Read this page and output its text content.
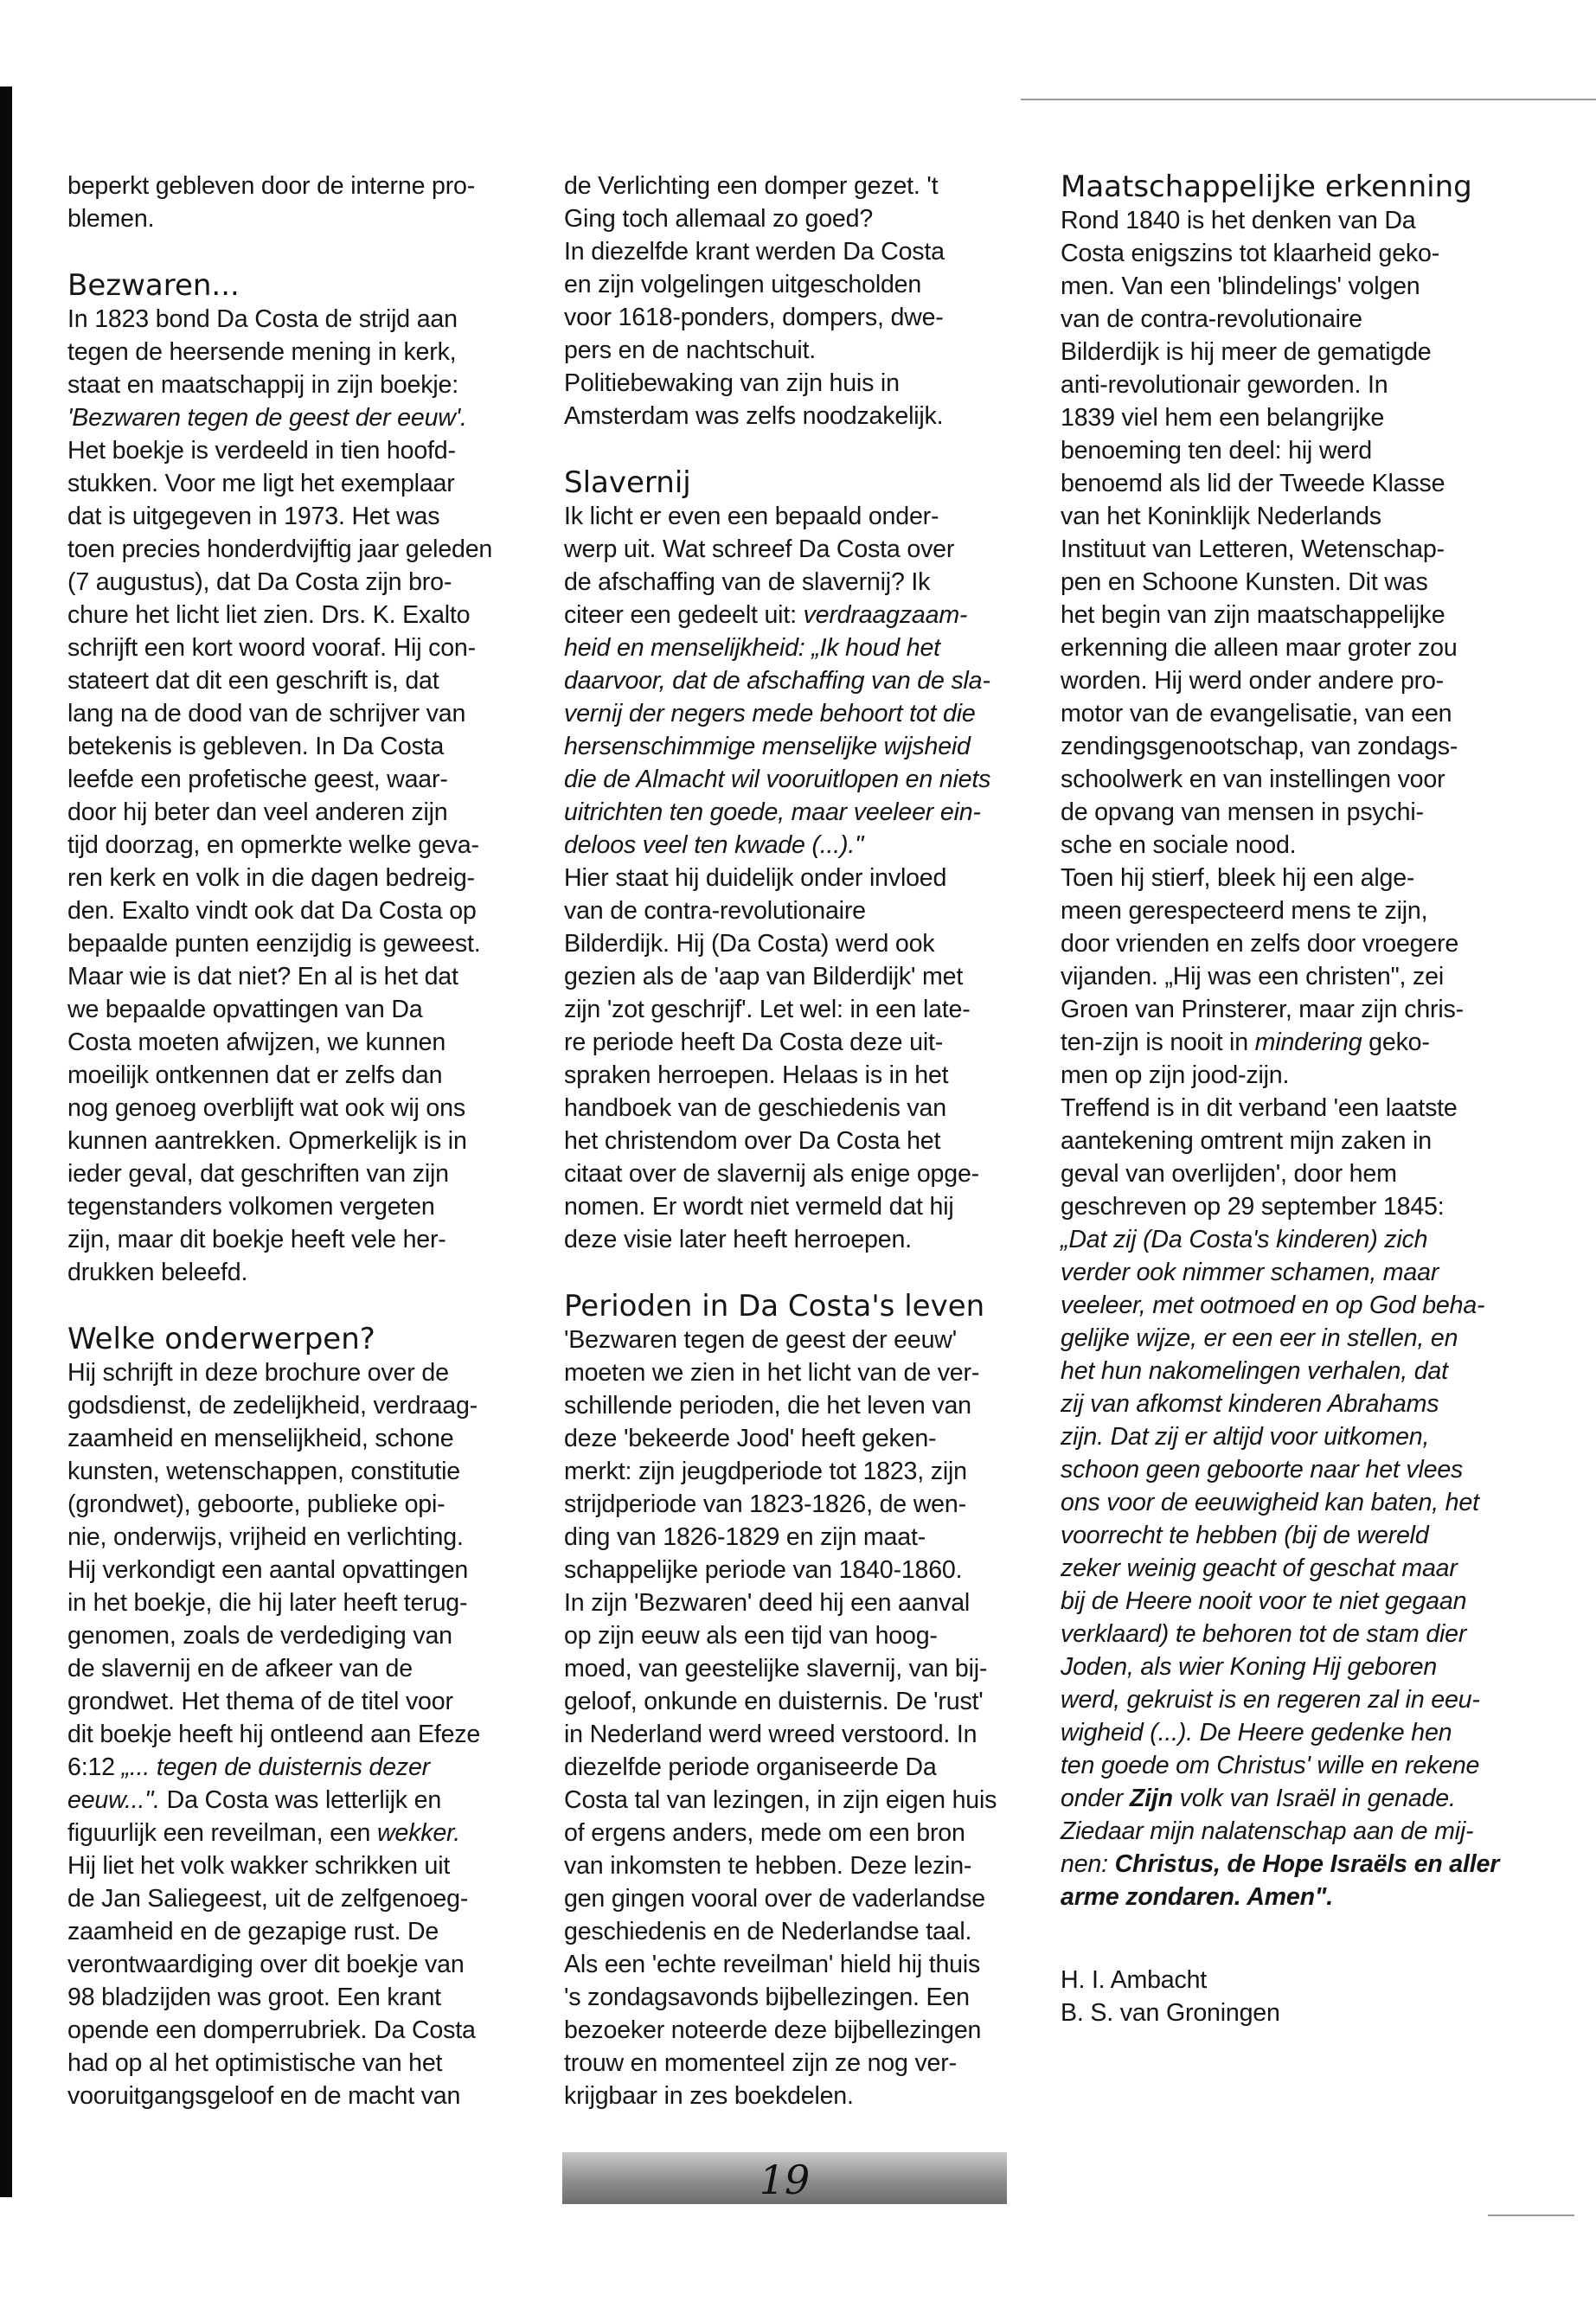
beperkt gebleven door de interne pro-
blemen.

Bezwaren...

In 1823 bond Da Costa de strijd aan
tegen de heersende mening in kerk,
staat en maatschappij in zijn boekje:
'Bezwaren tegen de geest der eeuw'.
Het boekje is verdeeld in tien hoofd-
stukken. Voor me ligt het exemplaar
dat is uitgegeven in 1973. Het was
toen precies honderdvijftig jaar geleden
(7 augustus), dat Da Costa zijn bro-
chure het licht liet zien. Drs. K. Exalto
schrijft een kort woord vooraf. Hij con-
stateert dat dit een geschrift is, dat
lang na de dood van de schrijver van
betekenis is gebleven. In Da Costa
leefde een profetische geest, waar-
door hij beter dan veel anderen zijn
tijd doorzag, en opmerkte welke geva-
ren kerk en volk in die dagen bedreig-
den. Exalto vindt ook dat Da Costa op
bepaalde punten eenzijdig is geweest.
Maar wie is dat niet? En al is het dat
we bepaalde opvattingen van Da
Costa moeten afwijzen, we kunnen
moeilijk ontkennen dat er zelfs dan
nog genoeg overblijft wat ook wij ons
kunnen aantrekken. Opmerkelijk is in
ieder geval, dat geschriften van zijn
tegenstanders volkomen vergeten
zijn, maar dit boekje heeft vele her-
drukken beleefd.

Welke onderwerpen?

Hij schrijft in deze brochure over de
godsdienst, de zedelijkheid, verdraag-
zaamheid en menselijkheid, schone
kunsten, wetenschappen, constitutie
(grondwet), geboorte, publieke opi-
nie, onderwijs, vrijheid en verlichting.
Hij verkondigt een aantal opvattingen
in het boekje, die hij later heeft terug-
genomen, zoals de verdediging van
de slavernij en de afkeer van de
grondwet. Het thema of de titel voor
dit boekje heeft hij ontleend aan Efeze
6:12 „... tegen de duisternis dezer
eeuw...". Da Costa was letterlijk en
figuurlijk een reveilman, een wekker.
Hij liet het volk wakker schrikken uit
de Jan Saliegeest, uit de zelfgenoeg-
zaamheid en de gezapige rust. De
verontwaardiging over dit boekje van
98 bladzijden was groot. Een krant
opende een domperrubriek. Da Costa
had op al het optimistische van het
vooruitgangsgeloof en de macht van

de Verlichting een domper gezet. 't
Ging toch allemaal zo goed?
In diezelfde krant werden Da Costa
en zijn volgelingen uitgescholden
voor 1618-ponders, dompers, dwe-
pers en de nachtschuit.
Politiebewaking van zijn huis in
Amsterdam was zelfs noodzakelijk.

Slavernij

Ik licht er even een bepaald onder-
werp uit. Wat schreef Da Costa over
de afschaffing van de slavernij? Ik
citeer een gedeelt uit: verdraagzaam-
heid en menselijkheid: „Ik houd het
daarvoor, dat de afschaffing van de sla-
vernij der negers mede behoort tot die
hersenschimmige menselijke wijsheid
die de Almacht wil vooruitlopen en niets
uitrichten ten goede, maar veeleer ein-
deloos veel ten kwade (...)."
Hier staat hij duidelijk onder invloed
van de contra-revolutionaire
Bilderdijk. Hij (Da Costa) werd ook
gezien als de 'aap van Bilderdijk' met
zijn 'zot geschrijf'. Let wel: in een late-
re periode heeft Da Costa deze uit-
spraken herroepen. Helaas is in het
handboek van de geschiedenis van
het christendom over Da Costa het
citaat over de slavernij als enige opge-
nomen. Er wordt niet vermeld dat hij
deze visie later heeft herroepen.

Perioden in Da Costa's leven

'Bezwaren tegen de geest der eeuw'
moeten we zien in het licht van de ver-
schillende perioden, die het leven van
deze 'bekeerde Jood' heeft geken-
merkt: zijn jeugdperiode tot 1823, zijn
strijdperiode van 1823-1826, de wen-
ding van 1826-1829 en zijn maat-
schappelijke periode van 1840-1860.
In zijn 'Bezwaren' deed hij een aanval
op zijn eeuw als een tijd van hoog-
moed, van geestelijke slavernij, van bij-
geloof, onkunde en duisternis. De 'rust'
in Nederland werd wreed verstoord. In
diezelfde periode organiseerde Da
Costa tal van lezingen, in zijn eigen huis
of ergens anders, mede om een bron
van inkomsten te hebben. Deze lezin-
gen gingen vooral over de vaderlandse
geschiedenis en de Nederlandse taal.
Als een 'echte reveilman' hield hij thuis
's zondagsavonds bijbellezingen. Een
bezoeker noteerde deze bijbellezingen
trouw en momenteel zijn ze nog ver-
krijgbaar in zes boekdelen.

Maatschappelijke erkenning

Rond 1840 is het denken van Da
Costa enigszins tot klaarheid geko-
men. Van een 'blindelings' volgen
van de contra-revolutionaire
Bilderdijk is hij meer de gematigde
anti-revolutionair geworden. In
1839 viel hem een belangrijke
benoeming ten deel: hij werd
benoemd als lid der Tweede Klasse
van het Koninklijk Nederlands
Instituut van Letteren, Wetenschap-
pen en Schoone Kunsten. Dit was
het begin van zijn maatschappelijke
erkenning die alleen maar groter zou
worden. Hij werd onder andere pro-
motor van de evangelisatie, van een
zendingsgenootschap, van zondags-
schoolwerk en van instellingen voor
de opvang van mensen in psychi-
sche en sociale nood.
Toen hij stierf, bleek hij een alge-
meen gerespecteerd mens te zijn,
door vrienden en zelfs door vroegere
vijanden. „Hij was een christen", zei
Groen van Prinsterer, maar zijn chris-
ten-zijn is nooit in mindering geko-
men op zijn jood-zijn.
Treffend is in dit verband 'een laatste
aantekening omtrent mijn zaken in
geval van overlijden', door hem
geschreven op 29 september 1845:
„Dat zij (Da Costa's kinderen) zich
verder ook nimmer schamen, maar
veeleer, met ootmoed en op God beha-
gelijke wijze, er een eer in stellen, en
het hun nakomelingen verhalen, dat
zij van afkomst kinderen Abrahams
zijn. Dat zij er altijd voor uitkomen,
schoon geen geboorte naar het vlees
ons voor de eeuwigheid kan baten, het
voorrecht te hebben (bij de wereld
zeker weinig geacht of geschat maar
bij de Heere nooit voor te niet gegaan
verklaard) te behoren tot de stam dier
Joden, als wier Koning Hij geboren
werd, gekruist is en regeren zal in eeu-
wigheid (...). De Heere gedenke hen
ten goede om Christus' wille en rekene
onder Zijn volk van Israël in genade.
Ziedaar mijn nalatenschap aan de mij-
nen: Christus, de Hope Israëls en aller
arme zondaren. Amen".

H. I. Ambacht

B. S. van Groningen

19
